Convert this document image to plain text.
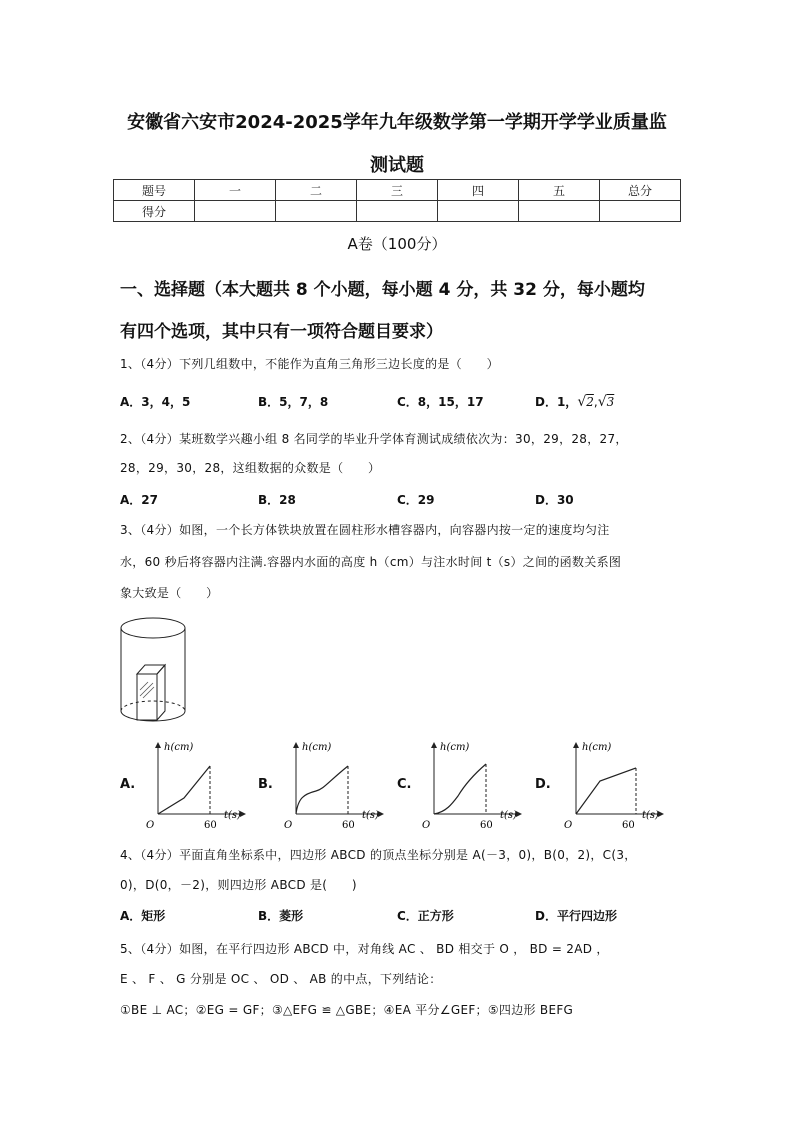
安徽省六安市2024-2025学年九年级数学第一学期开学学业质量监
测试题
题号	一	二	三	四	五	总分
得分						
A卷（100分）
一、选择题（本大题共 8 个小题，每小题 4 分，共 32 分，每小题均
有四个选项，其中只有一项符合题目要求）
1、（4分）下列几组数中，不能作为直角三角形三边长度的是（　　）
A．3，4，5	B．5，7，8	C．8，15，17	D．1，√2,√3
2、（4分）某班数学兴趣小组 8 名同学的毕业升学体育测试成绩依次为：30，29，28，27，
28，29，30，28，这组数据的众数是（　　）
A．27	B．28	C．29	D．30
3、（4分）如图，一个长方体铁块放置在圆柱形水槽容器内，向容器内按一定的速度均匀注
水，60 秒后将容器内注满.容器内水面的高度 h（cm）与注水时间 t（s）之间的函数关系图
象大致是（　　）
A.	B.	C.	D.
h(cm)
t(s)
O	60
h(cm)
t(s)
O	60
h(cm)
t(s)
O	60
h(cm)
t(s)
O	60
4、（4分）平面直角坐标系中，四边形 ABCD 的顶点坐标分别是 A(－3，0)，B(0，2)，C(3，
0)，D(0，－2)，则四边形 ABCD 是(　　)
A．矩形	B．菱形	C．正方形	D．平行四边形
5、（4分）如图，在平行四边形 ABCD 中，对角线 AC 、 BD 相交于 O ， BD = 2AD ，
E 、 F 、 G 分别是 OC 、 OD 、 AB 的中点，下列结论：
①BE ⊥ AC；②EG = GF；③△EFG ≌ △GBE；④EA 平分∠GEF；⑤四边形 BEFG
